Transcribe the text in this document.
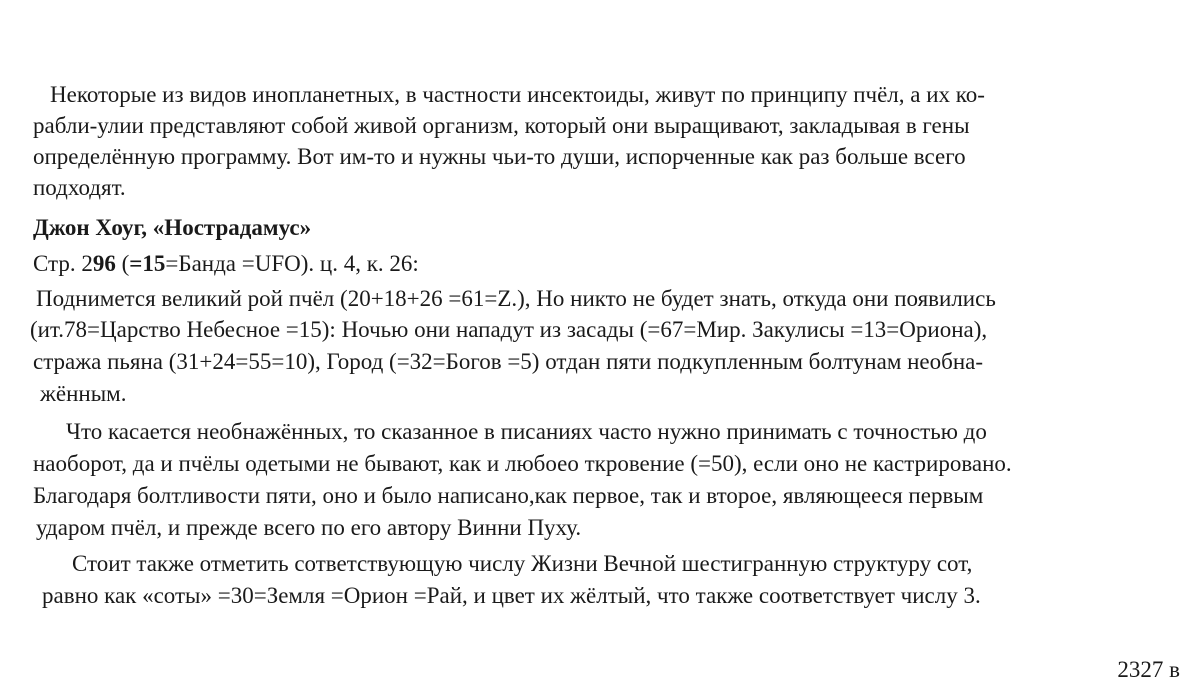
Некоторые из видов инопланетных, в частности инсектоиды, живут по принципу пчёл, а их ко-

рабли-улии представляют собой живой организм, который они выращивают, закладывая в гены

определённую программу. Вот им-то и нужны чьи-то души, испорченные как раз больше всего

подходят.

Джон Хоуг, «Нострадамус»

Стр. 296 (=15=Банда =UFO). ц. 4, к. 26:

Поднимется великий рой пчёл (20+18+26 =61=Z.), Но никто не будет знать, откуда они появились

(ит.78=Царство Небесное =15): Ночью они нападут из засады (=67=Мир. Закулисы =13=Ориона),

стража пьяна (31+24=55=10), Город (=32=Богов =5) отдан пяти подкупленным болтунам необна-

жённым.

Что касается необнажённых, то сказанное в писаниях часто нужно принимать с точностью до

наоборот, да и пчёлы одетыми не бывают, как и любоео ткровение (=50), если оно не кастрировано.

Благодаря болтливости пяти, оно и было написано,как первое, так и второе, являющееся первым

ударом пчёл, и прежде всего по его автору Винни Пуху.

Стоит также отметить сответствующую числу Жизни Вечной шестигранную структуру сот,

равно как «соты» =30=Земля =Орион =Рай, и цвет их жёлтый, что также соответствует числу 3.

2327 в
